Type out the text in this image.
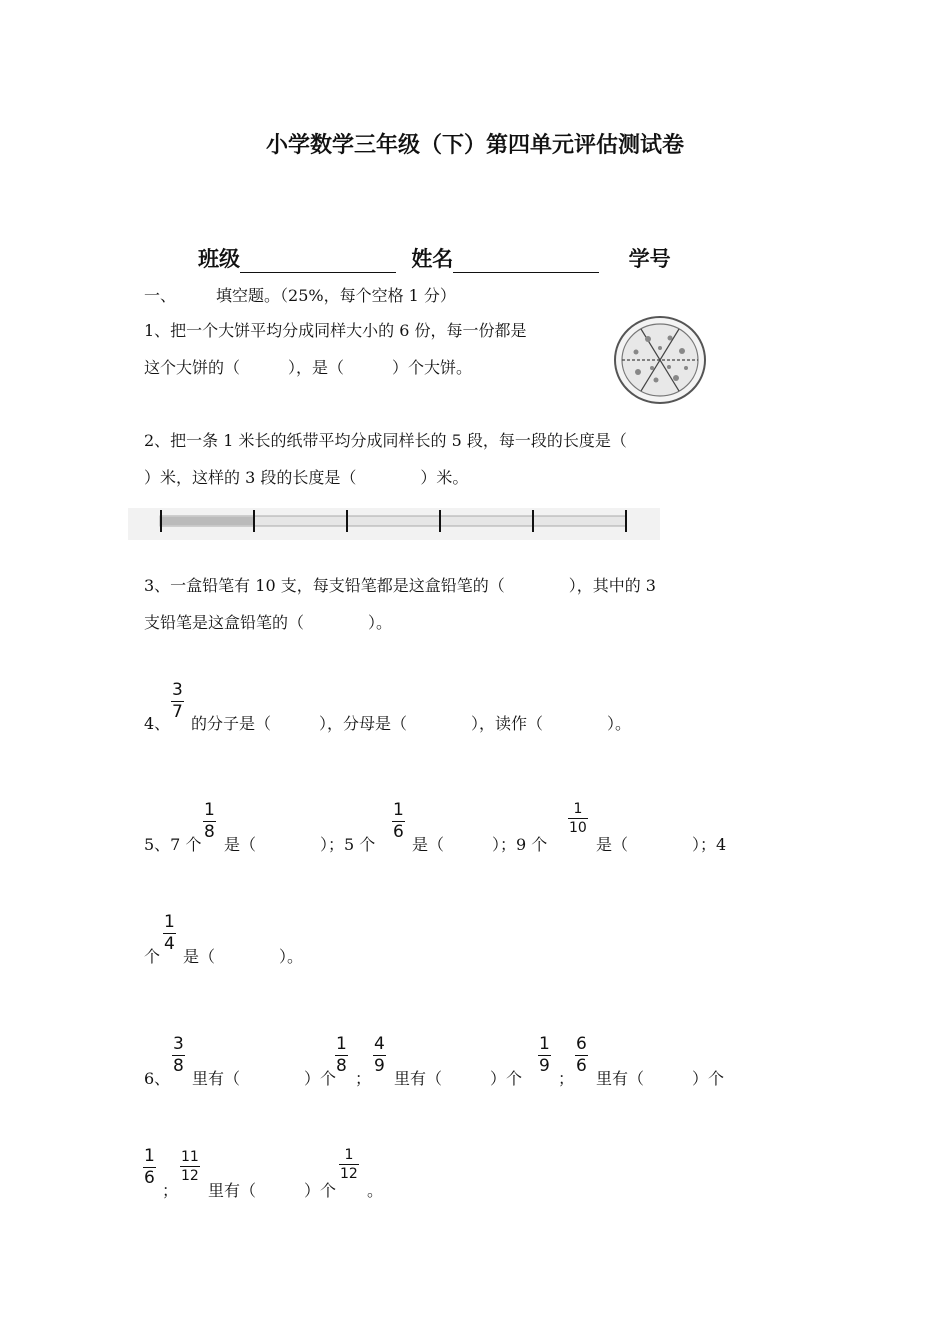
小学数学三年级（下）第四单元评估测试卷
班级	姓名	学号
一、	填空题。（25%，每个空格 1 分）
1、把一个大饼平均分成同样大小的 6 份，每一份都是
这个大饼的（　　　），是（　　　）个大饼。
2、把一条 1 米长的纸带平均分成同样长的 5 段，每一段的长度是（
）米，这样的 3 段的长度是（　　　　）米。
3、一盒铅笔有 10 支，每支铅笔都是这盒铅笔的（　　　　），其中的 3
支铅笔是这盒铅笔的（　　　　）。
4、
$\frac{3}{7}$
的分子是（　　　），分母是（　　　　），读作（　　　　）。
5、7 个
$\frac{1}{8}$
是（　　　　）；5 个
$\frac{1}{6}$
是（　　　）；9 个
$\frac{1}{10}$
是（　　　　）；4
个
$\frac{1}{4}$
是（　　　　）。
6、
$\frac{3}{8}$
里有（　　　　）个
$\frac{1}{8}$
；
$\frac{4}{9}$
里有（　　　）个
$\frac{1}{9}$
；
$\frac{6}{6}$
里有（　　　）个
$\frac{1}{6}$
；
$\frac{11}{12}$
里有（　　　）个
$\frac{1}{12}$
。
